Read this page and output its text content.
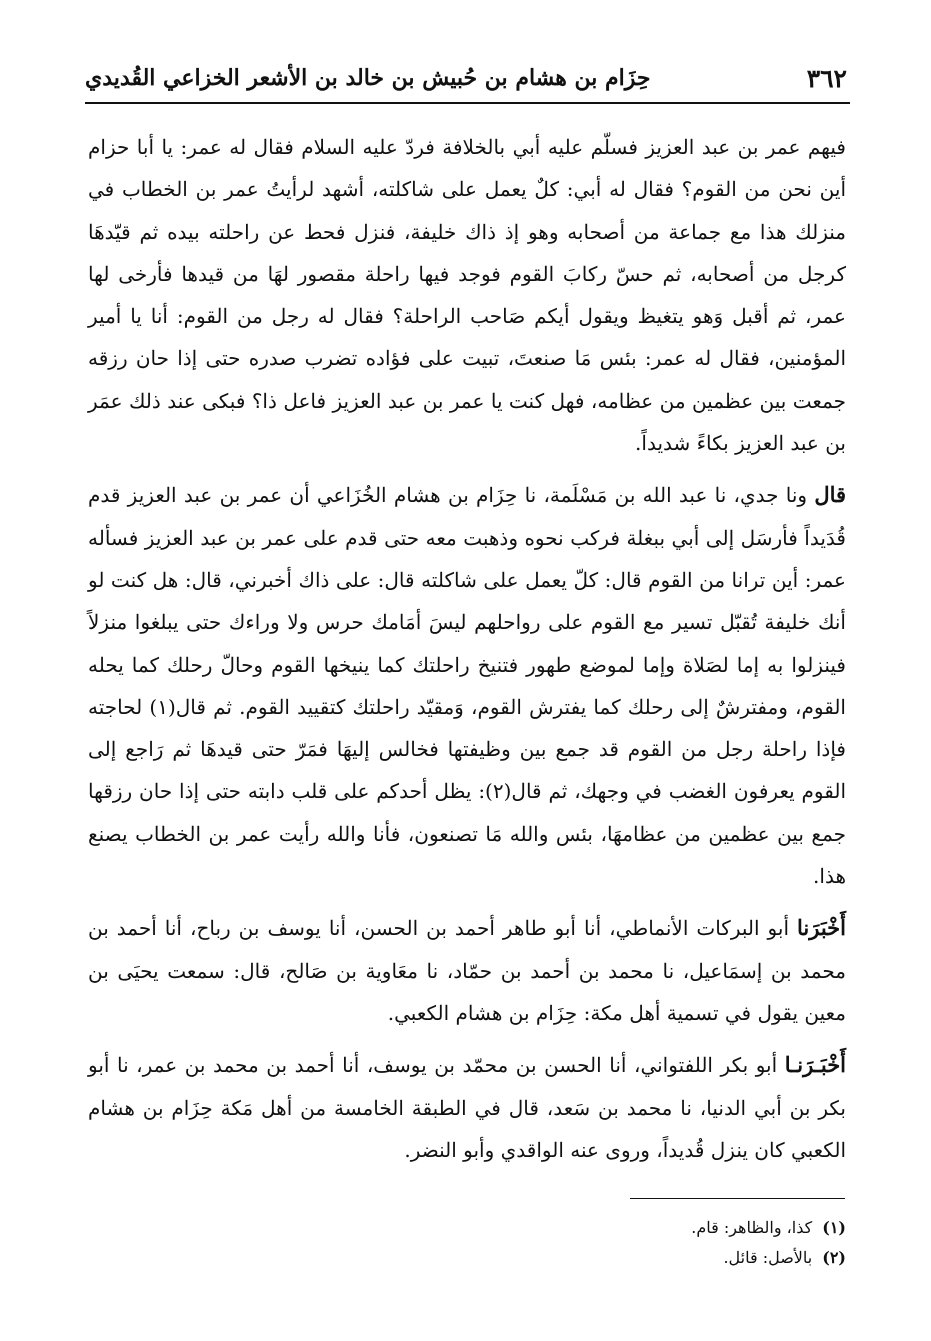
٣٦٢
حِزَام بن هشام بن حُبيش بن خالد بن الأشعر الخزاعي القُديدي

فيهم عمر بن عبد العزيز فسلّم عليه أبي بالخلافة فردّ عليه السلام فقال له عمر: يا أبا حزام أين نحن من القوم؟ فقال له أبي: كلٌ يعمل على شاكلته، أشهد لرأيتُ عمر بن الخطاب في منزلك هذا مع جماعة من أصحابه وهو إذ ذاك خليفة، فنزل فحط عن راحلته بيده ثم قيّدهَا كرجل من أصحابه، ثم حسّ ركابَ القوم فوجد فيها راحلة مقصور لهَا من قيدها فأرخى لها عمر، ثم أقبل وَهو يتغيظ ويقول أيكم صَاحب الراحلة؟ فقال له رجل من القوم: أنا يا أمير المؤمنين، فقال له عمر: بئس مَا صنعتَ، تبيت على فؤاده تضرب صدره حتى إذا حان رزقه جمعت بين عظمين من عظامه، فهل كنت يا عمر بن عبد العزيز فاعل ذا؟ فبكى عند ذلك عمَر بن عبد العزيز بكاءً شديداً.

قال ونا جدي، نا عبد الله بن مَسْلَمة، نا حِزَام بن هشام الخُزَاعي أن عمر بن عبد العزيز قدم قُدَيداً فأرسَل إلى أبي ببغلة فركب نحوه وذهبت معه حتى قدم على عمر بن عبد العزيز فسأله عمر: أين ترانا من القوم قال: كلّ يعمل على شاكلته قال: على ذاك أخبرني، قال: هل كنت لو أنك خليفة تُقبّل تسير مع القوم على رواحلهم ليسَ أمَامك حرس ولا وراءك حتى يبلغوا منزلاً فينزلوا به إما لصَلاة وإما لموضع طهور فتنيخ راحلتك كما ينيخها القوم وحالّ رحلك كما يحله القوم، ومفترشٌ إلى رحلك كما يفترش القوم، وَمقيّد راحلتك كتقييد القوم. ثم قال(١) لحاجته فإذا راحلة رجل من القوم قد جمع بين وظيفتها فخالس إليهَا فمَرّ حتى قيدهَا ثم رَاجع إلى القوم يعرفون الغضب في وجهك، ثم قال(٢): يظل أحدكم على قلب دابته حتى إذا حان رزقها جمع بين عظمين من عظامهَا، بئس والله مَا تصنعون، فأنا والله رأيت عمر بن الخطاب يصنع هذا.

أَخْبَرَنا أبو البركات الأنماطي، أنا أبو طاهر أحمد بن الحسن، أنا يوسف بن رباح، أنا أحمد بن محمد بن إسمَاعيل، نا محمد بن أحمد بن حمّاد، نا معَاوية بن صَالح، قال: سمعت يحيَى بن معين يقول في تسمية أهل مكة: حِزَام بن هشام الكعبي.

أَخْبَـرَنـا أبو بكر اللفتواني، أنا الحسن بن محمّد بن يوسف، أنا أحمد بن محمد بن عمر، نا أبو بكر بن أبي الدنيا، نا محمد بن سَعد، قال في الطبقة الخامسة من أهل مَكة حِزَام بن هشام الكعبي كان ينزل قُديداً، وروى عنه الواقدي وأبو النضر.

(١)
كذا، والظاهر: قام.
(٢)
بالأصل: قائل.
